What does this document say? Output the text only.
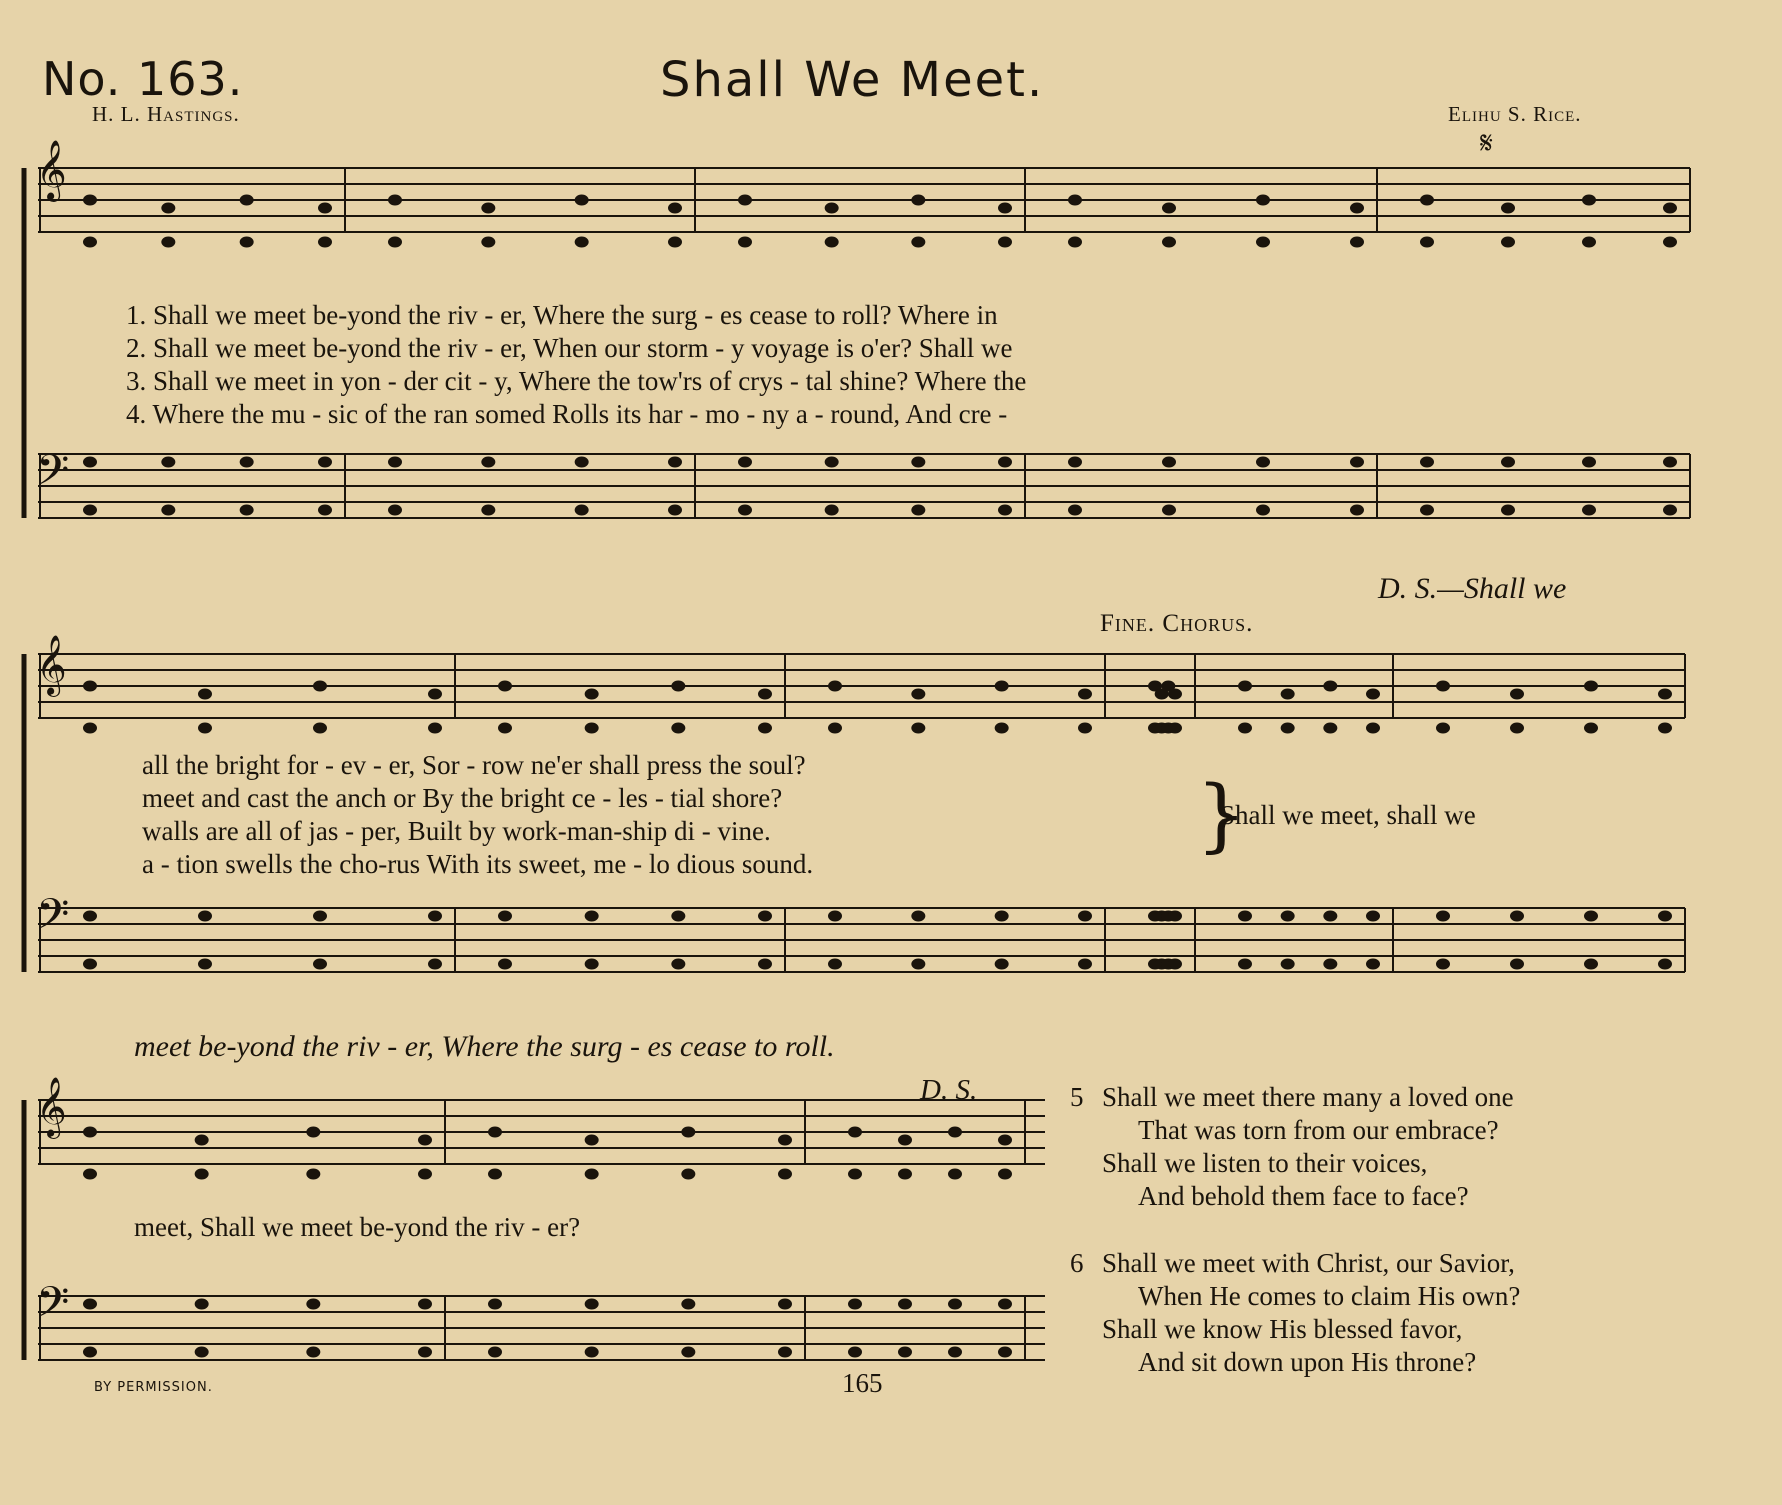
No. 163.	Shall We Meet.
H. L. Hastings.	Elihu S. Rice.
𝄋
𝄞
𝄢
𝄞
𝄢
𝄞
𝄢
1. Shall we meet be-yond the riv - er, Where the surg - es cease to roll? Where in
2. Shall we meet be-yond the riv - er, When our storm - y voyage is o'er? Shall we
3. Shall we meet in yon - der cit - y, Where the tow'rs of crys - tal shine? Where the
4. Where the mu - sic of the ran somed Rolls its har - mo - ny a - round, And cre -
D. S.—Shall we
Fine. Chorus.
all the bright for - ev - er, Sor - row ne'er shall press the soul?
meet and cast the anch or By the bright ce - les - tial shore?
walls are all of jas - per, Built by work-man-ship di - vine.
a - tion swells the cho-rus With its sweet, me - lo dious sound.
}
Shall we meet, shall we
meet be-yond the riv - er, Where the surg - es cease to roll.
D. S.
meet, Shall we meet be-yond the riv - er?
5 Shall we meet there many a loved one
That was torn from our embrace?
Shall we listen to their voices,
And behold them face to face?
6 Shall we meet with Christ, our Savior,
When He comes to claim His own?
Shall we know His blessed favor,
And sit down upon His throne?
BY PERMISSION.	165
